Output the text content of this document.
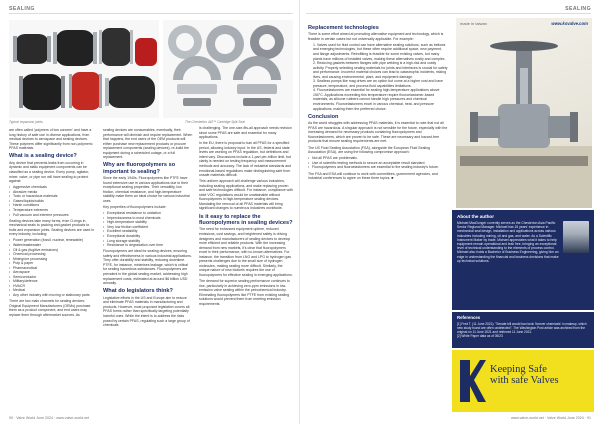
SEALING
Typical expansion joints.	The Chesterton 442™ Cartridge Split Seal.

are often called 'polymers of low concern' and have a long history of safe use in diverse applications, from medical devices to aerospace and sealing devices. These polymers differ significantly from non-polymeric PFAS materials.

What is a sealing device?

Any device that prevents leaks from occurring in dynamic and static equipment components can be classified as a sealing device. Every pump, agitator, mixer, valve, or pipe run will have sealing to protect against:

• Aggressive chemicals
• Abrasive media
• Toxic or hazardous materials
• Gases/liquids/solids
• Harsh conditions
• Temperature extremes
• Full vacuum and extreme pressures

Sealing devices take many forms, from O-rings in mechanical seals to packing and gasket products to bolts and expansion joints. Sealing devices are used in every industry, including:

• Power generation (fossil, nuclear, renewable)
• Water/wastewater
• Oil & gas (fugitive emissions)
• Chemical processing
• Mining/ore processing
• Pulp & paper
• Pharmaceutical
• Aerospace
• Semiconductor
• Military/defence
• HVACR
• Medical
• Any other industry with moving or stationary parts

There are two main channels for sealing devices: Original Equipment Manufacturers (OEMs) purchase them as a product component, and end users may replace them through aftermarket sources. As

sealing devices are consumables, eventually, their performance will diminish and require replacement. When that happens, the end users of the OEM products will either purchase new replacement products or procure replacement components (sealing devices), re-build the equipment during a scheduled outage, or a full replacement.

Why are fluoropolymers so important to sealing?

Since the early 1940s, Fluoropolymers like PTFE have found extensive use in various applications due to their exceptional sealing properties. Their versatility, low friction, chemical resistance, and high-temperature stability make them an ideal choice for various industrial uses.

Key properties of fluoropolymers include:

• Exceptional resistance to oxidation
• Imperviousness to most chemicals
• High-temperature stability
• Very low friction coefficient
• Excellent sealability
• Exceptional durability
• Long storage stability
• Resistance to degradation over time

Fluoropolymers are ideal for sealing devices, ensuring safety and effectiveness in various industrial applications. They offer durability and stability, reducing downtime. PTFE, for instance, minimises leakage, which is critical for sealing hazardous substances. Fluoropolymers are prevalent in the global sealing market, addressing high replacement costs, estimated at around $6 billion USD annually.

What do legislators think?

Legislative efforts in the US and Europe aim to reduce and eliminate PFAS materials in manufacturing and products. However, most proposed legislation covers all PFAS forms rather than specifically targeting potentially harmful ones. While the intent is to address the risks posed by certain PFAS, regulating such a large group of chemicals

is challenging. The one-size-fits-all approach needs revision since some PFAS are safe and essential for many applications.

In the EU, there is proposal to ban all PFAS for a specified period, allowing industry input. In the US, federal and state levels are working on PFAS regulation, but definitions and intent vary. Discussions include a 1-part per-trillion limit, but clarity is needed on testing frequency and measurement methods and accuracy. The lack of industrial standards and emotional-based regulations make distinguishing safe from unsafe materials difficult.

This uniform approach will challenge various industries, including sealing applications, and make replacing proven and safe technologies difficult. For instance, compliance with strict VOC regulations would be unattainable without fluoropolymers in high-temperature sealing devices. Mandating the removal of all PFAS materials will bring significant changes to numerous industries worldwide.

Is it easy to replace the fluoropolymers in sealing devices?

The need for enhanced equipment uptime, reduced emissions, cost savings, and heightened safety is driving designers and manufacturers of sealing devices to develop more efficient and reliable products. With the increasing demand from new markets, it's clear that fluoropolymers excel in their performance, with no known alternatives. For instance, the transition from LNG and LPG to hydrogen gas presents challenges due to the small size of hydrogen molecules, making sealing more difficult. Similarly, the unique nature of new biofuels requires the use of fluoropolymers for effective sealing in emerging applications.

The demand for superior sealing performance continues to rise, particularly in achieving zero-ppm emissions in low-emission valve sealing within the petrochemical industry. Eliminating fluoropolymers like PTFE from existing sealing solutions would prevent them from meeting emission requirements.

90 · Valve World June 2024 · www.valve-world.net
SEALING
Replacement technologies

There is some effort aimed at promoting alternative equipment and technology, which is feasible in certain cases but not universally applicable. For example:

1. Valves used for fluid control can have alternative sealing solutions, such as bellows and emerging technologies, but these often require additional space, new payment, and flange adjustments. Retrofitting is feasible for some existing valves, but many plants have millions of installed valves, making these alternatives costly and complex.
2. Reducing gaskets between flanges with pipe welding is a high-risk and costly activity. Properly selecting sealing materials for joints and interfaces is crucial for safety and performance. Incorrect material choices can lead to catastrophic incidents, risking lives, and causing environmental, plant, and equipment damage.
3. Sealless pumps like mag drives are an option but come at a higher cost and have pressure, temperature, and process fluid capabilities limitations.
4. Fluoroelastomers are essential for sealing high-temperature applications above 150°C. Applications exceeding this temperature require fluoroelastomer-based materials, as silicone rubbers cannot handle high pressures and chemical environments. Fluoroelastomers excel in various chemical, heat, and pressure applications, making them the preferred choice.
Conclusion

As the world struggles with addressing PFAS materials, it is essential to note that not all PFAS are hazardous. A singular approach is not sensible for the future, especially with the increasing demand for necessary products containing fluoropolymers and fluoroelastomers, which are proven to be safe. These are necessary and hazard-free products that ensure sealing requirements are met.

The US Fluid Sealing Association (FSA), alongside the European Fluid Sealing Association (ESA), are using the following compromise approach:

• Not all PFAS are problematic.
• Use of scientific testing methods to secure an acceptable result standard.
• Fluoropolymers and fluoroelastomers are essential to the sealing industry's future.

The FSA and ESA will continue to work with committees, government agencies, and industrial conferences to agree on these three topics. ■

made in taiwan	www.ksvalve.com
About the author

Michael MacDonger currently serves as the Chesterton Asia Pacific Senior Regional Manager. Michael has 16 years' experience in mechanical seal design, installation and applications across various industries including mining, oil and gas, and water. As a Scientific Instrument Maker by trade, Michael appreciates what it takes to help equipment remain operational and leak free, bringing an exceptional level of technical understanding to the elements of process control. Michael also holds a Bachelor of Business Engineering, giving him an edge in understanding the financial and business decisions that make up technical solutions.

References
[1] Fred T. (11 June 2021): "Senate bill would ban toxic 'forever chemicals' in makeup, which new study found are often undetected". The Washington Post article was archived from the original on 11 June 2021 and retrieved 11 June 2021.
[2] White Paper data as of 05/23
Keeping Safe
with safe Valves
www.valve-world.net · Valve World June 2024 · 91
